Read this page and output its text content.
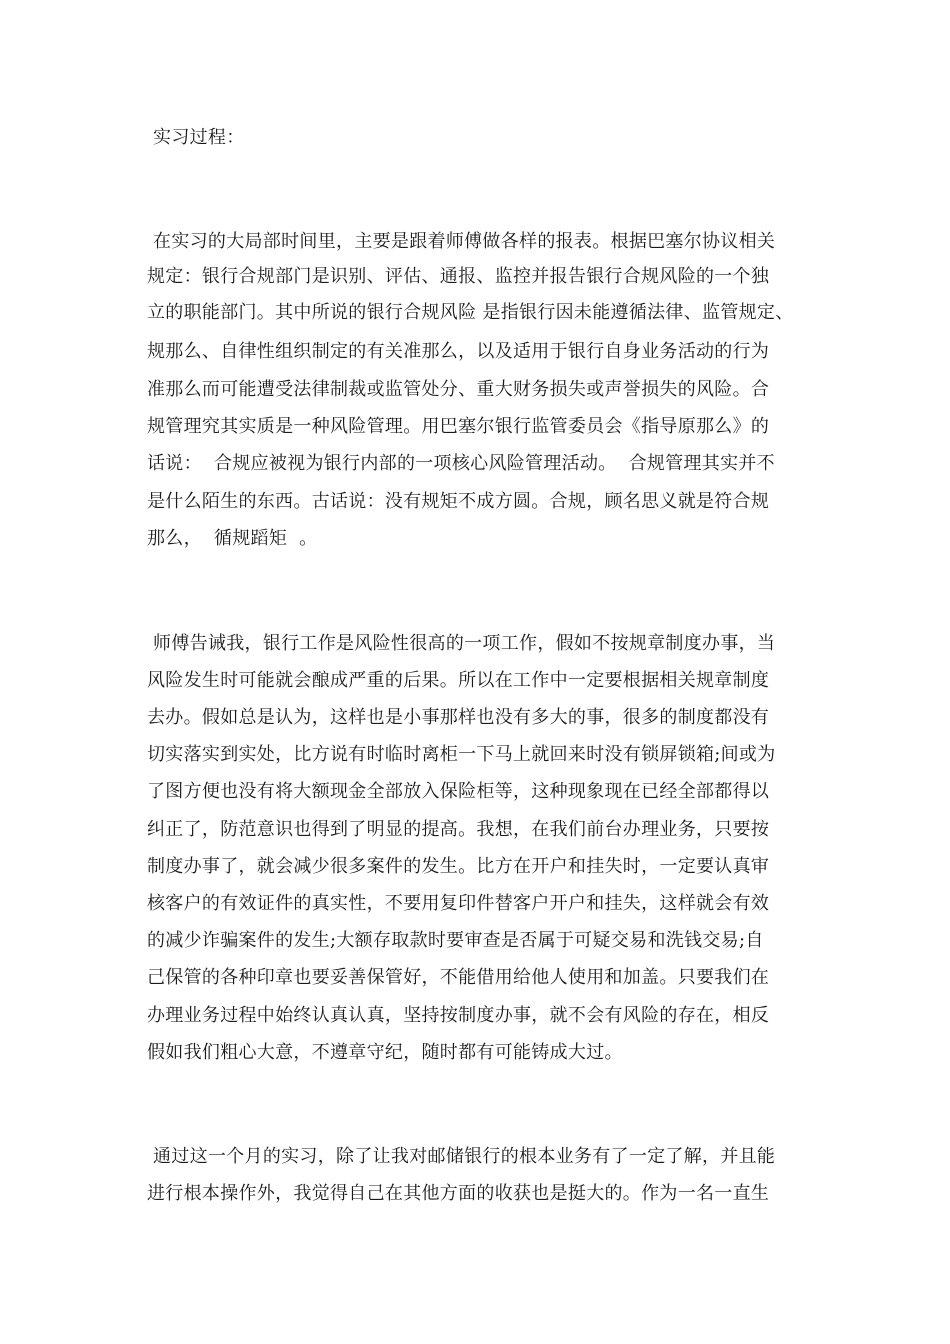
实习过程：
在实习的大局部时间里，主要是跟着师傅做各样的报表。根据巴塞尔协议相关
规定：银行合规部门是识别、评估、通报、监控并报告银行合规风险的一个独
立的职能部门。其中所说的银行合规风险 是指银行因未能遵循法律、监管规定、
规那么、自律性组织制定的有关准那么，以及适用于银行自身业务活动的行为
准那么而可能遭受法律制裁或监管处分、重大财务损失或声誉损失的风险。合
规管理究其实质是一种风险管理。用巴塞尔银行监管委员会《指导原那么》的
话说：  合规应被视为银行内部的一项核心风险管理活动。  合规管理其实并不
是什么陌生的东西。古话说：没有规矩不成方圆。合规，顾名思义就是符合规
那么，  循规蹈矩  。
师傅告诫我，银行工作是风险性很高的一项工作，假如不按规章制度办事，当
风险发生时可能就会酿成严重的后果。所以在工作中一定要根据相关规章制度
去办。假如总是认为，这样也是小事那样也没有多大的事，很多的制度都没有
切实落实到实处，比方说有时临时离柜一下马上就回来时没有锁屏锁箱;间或为
了图方便也没有将大额现金全部放入保险柜等，这种现象现在已经全部都得以
纠正了，防范意识也得到了明显的提高。我想，在我们前台办理业务，只要按
制度办事了，就会减少很多案件的发生。比方在开户和挂失时，一定要认真审
核客户的有效证件的真实性，不要用复印件替客户开户和挂失，这样就会有效
的减少诈骗案件的发生;大额存取款时要审查是否属于可疑交易和洗钱交易;自
己保管的各种印章也要妥善保管好，不能借用给他人使用和加盖。只要我们在
办理业务过程中始终认真认真，坚持按制度办事，就不会有风险的存在，相反
假如我们粗心大意，不遵章守纪，随时都有可能铸成大过。
通过这一个月的实习，除了让我对邮储银行的根本业务有了一定了解，并且能
进行根本操作外，我觉得自己在其他方面的收获也是挺大的。作为一名一直生
